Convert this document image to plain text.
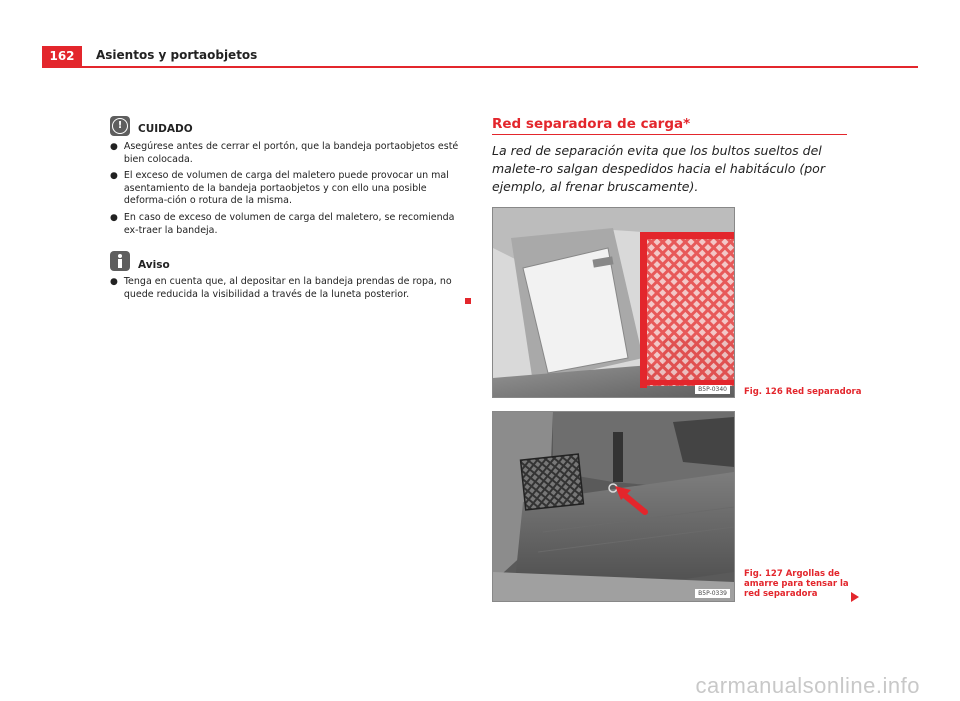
162	Asientos y portaobjetos
!	CUIDADO
● Asegúrese antes de cerrar el portón, que la bandeja portaobjetos esté bien colocada.
● El exceso de volumen de carga del maletero puede provocar un mal asentamiento de la bandeja portaobjetos y con ello una posible deforma-ción o rotura de la misma.
● En caso de exceso de volumen de carga del maletero, se recomienda ex-traer la bandeja.
Aviso
● Tenga en cuenta que, al depositar en la bandeja prendas de ropa, no quede reducida la visibilidad a través de la luneta posterior.
Red separadora de carga*
La red de separación evita que los bultos sueltos del malete-ro salgan despedidos hacia el habitáculo (por ejemplo, al frenar bruscamente).
B5P-0340	Fig. 126 Red separadora
B5P-0339
Fig. 127 Argollas de amarre para tensar la red separadora
carmanualsonline.info
